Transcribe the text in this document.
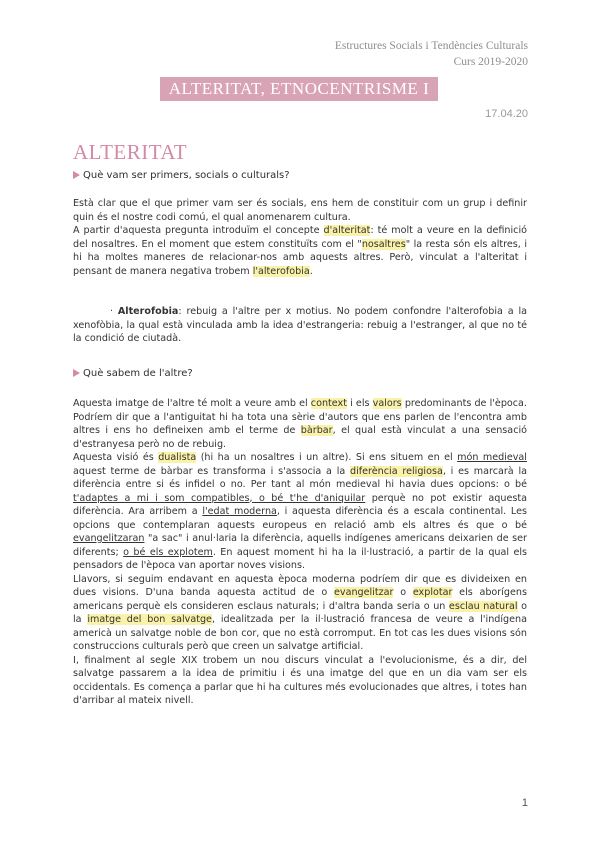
Estructures Socials i Tendències Culturals
Curs 2019-2020
ALTERITAT, ETNOCENTRISME I ESTEREOTIPS	17.04.20
ALTERITAT
Què vam ser primers, socials o culturals?
Està clar que el que primer vam ser és socials, ens hem de constituir com un grup i definir quin és el nostre codi comú, el qual anomenarem cultura.
A partir d'aquesta pregunta introduïm el concepte d'alteritat: té molt a veure en la definició del nosaltres. En el moment que estem constituïts com el "nosaltres" la resta són els altres, i hi ha moltes maneres de relacionar-nos amb aquests altres. Però, vinculat a l'alteritat i pensant de manera negativa trobem l'alterofobia.
· Alterofobia: rebuig a l'altre per x motius. No podem confondre l'alterofobia a la xenofòbia, la qual està vinculada amb la idea d'estrangeria: rebuig a l'estranger, al que no té la condició de ciutadà.
Què sabem de l'altre?
Aquesta imatge de l'altre té molt a veure amb el context i els valors predominants de l'època. Podríem dir que a l'antiguitat hi ha tota una sèrie d'autors que ens parlen de l'encontra amb altres i ens ho defineixen amb el terme de bàrbar, el qual està vinculat a una sensació d'estranyesa però no de rebuig.
Aquesta visió és dualista (hi ha un nosaltres i un altre). Si ens situem en el món medieval aquest terme de bàrbar es transforma i s'associa a la diferència religiosa, i es marcarà la diferència entre si és infidel o no. Per tant al món medieval hi havia dues opcions: o bé t'adaptes a mi i som compatibles, o bé t'he d'aniquilar perquè no pot existir aquesta diferència. Ara arribem a l'edat moderna, i aquesta diferència és a escala continental. Les opcions que contemplaran aquests europeus en relació amb els altres és que o bé evangelitzaran "a sac" i anul·laria la diferència, aquells indígenes americans deixarien de ser diferents; o bé els explotem. En aquest moment hi ha la il·lustració, a partir de la qual els pensadors de l'època van aportar noves visions.
Llavors, si seguim endavant en aquesta època moderna podríem dir que es divideixen en dues visions. D'una banda aquesta actitud de o evangelitzar o explotar els aborígens americans perquè els consideren esclaus naturals; i d'altra banda seria o un esclau natural o la imatge del bon salvatge, idealitzada per la il·lustració francesa de veure a l'indígena americà un salvatge noble de bon cor, que no està corromput. En tot cas les dues visions són construccions culturals però que creen un salvatge artificial.
I, finalment al segle XIX trobem un nou discurs vinculat a l'evolucionisme, és a dir, del salvatge passarem a la idea de primitiu i és una imatge del que en un dia vam ser els occidentals. Es comença a parlar que hi ha cultures més evolucionades que altres, i totes han d'arribar al mateix nivell.
1
